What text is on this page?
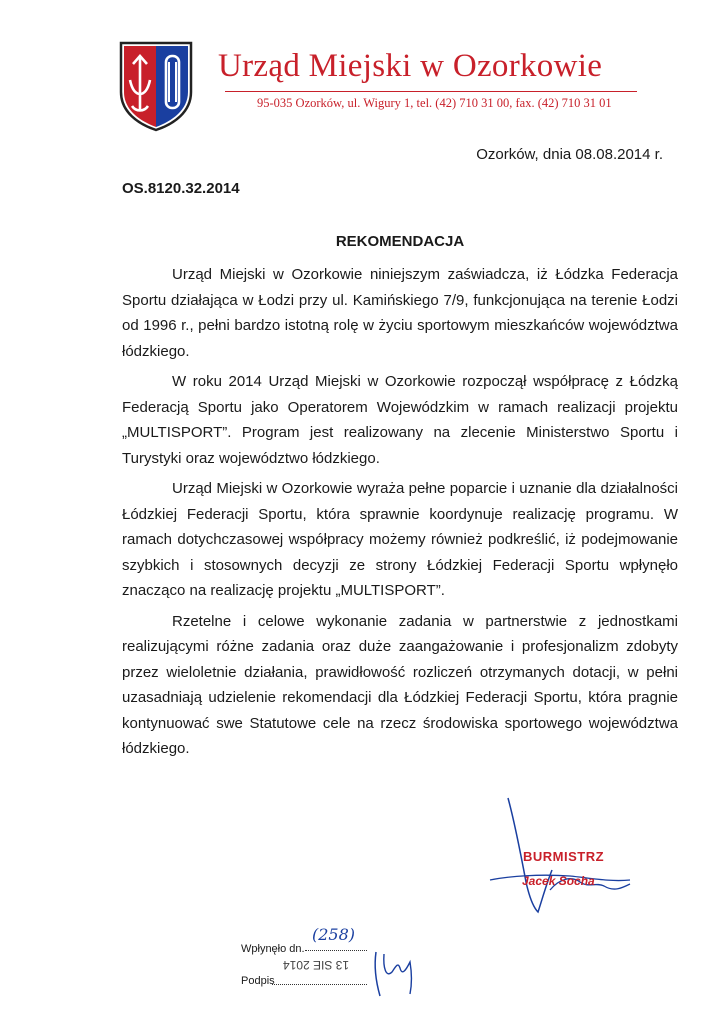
Urząd Miejski w Ozorkowie
95-035 Ozorków, ul. Wigury 1, tel. (42) 710 31 00, fax. (42) 710 31 01
Ozorków, dnia 08.08.2014 r.
OS.8120.32.2014
REKOMENDACJA

Urząd Miejski w Ozorkowie niniejszym zaświadcza, iż Łódzka Federacja Sportu działająca w Łodzi przy ul. Kamińskiego 7/9, funkcjonująca na terenie Łodzi od 1996 r., pełni bardzo istotną rolę w życiu sportowym mieszkańców województwa łódzkiego.

W roku 2014 Urząd Miejski w Ozorkowie rozpoczął współpracę z Łódzką Federacją Sportu jako Operatorem Wojewódzkim w ramach realizacji projektu „MULTISPORT”. Program jest realizowany na zlecenie Ministerstwo Sportu i Turystyki oraz województwo łódzkiego.

Urząd Miejski w Ozorkowie wyraża pełne poparcie i uznanie dla działalności Łódzkiej Federacji Sportu, która sprawnie koordynuje realizację programu. W ramach dotychczasowej współpracy możemy również podkreślić, iż podejmowanie szybkich i stosownych decyzji ze strony Łódzkiej Federacji Sportu wpłynęło znacząco na realizację projektu „MULTISPORT”.

Rzetelne i celowe wykonanie zadania w partnerstwie z jednostkami realizującymi różne zadania oraz duże zaangażowanie i profesjonalizm zdobyty przez wieloletnie działania, prawidłowość rozliczeń otrzymanych dotacji, w pełni uzasadniają udzielenie rekomendacji dla Łódzkiej Federacji Sportu, która pragnie kontynuować swe Statutowe cele na rzecz środowiska sportowego województwa łódzkiego.

BURMISTRZ
Jacek Socha
Wpłynęło dn.
(258)
13 SIE 2014
Podpis
